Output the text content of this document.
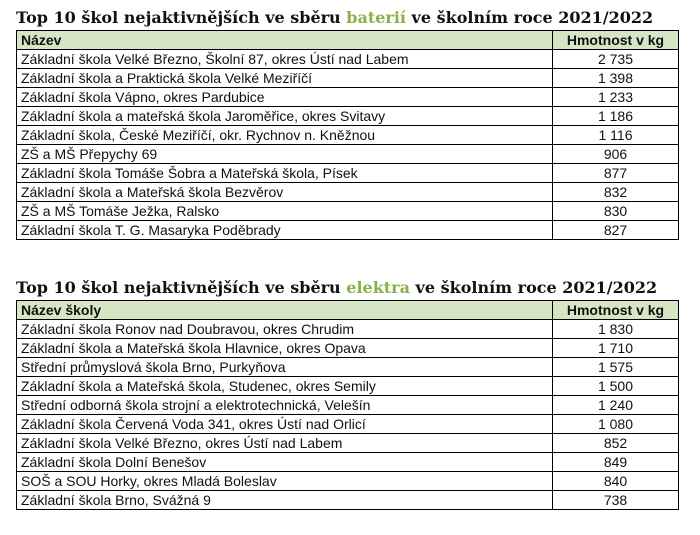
Top 10 škol nejaktivnějších ve sběru baterií ve školním roce 2021/2022
Název	Hmotnost v kg
Základní škola Velké Březno, Školní 87, okres Ústí nad Labem	2 735
Základní škola a Praktická škola Velké Meziříčí	1 398
Základní škola Vápno, okres Pardubice	1 233
Základní škola a mateřská škola Jaroměřice, okres Svitavy	1 186
Základní škola, České Meziříčí, okr. Rychnov n. Kněžnou	1 116
ZŠ a MŠ Přepychy 69	906
Základní škola Tomáše Šobra a Mateřská škola, Písek	877
Základní škola a Mateřská škola Bezvěrov	832
ZŠ a MŠ Tomáše Ježka, Ralsko	830
Základní škola T. G. Masaryka Poděbrady	827
Top 10 škol nejaktivnějších ve sběru elektra ve školním roce 2021/2022
Název školy	Hmotnost v kg
Základní škola Ronov nad Doubravou, okres Chrudim	1 830
Základní škola a Mateřská škola Hlavnice, okres Opava	1 710
Střední průmyslová škola Brno, Purkyňova	1 575
Základní škola a Mateřská škola, Studenec, okres Semily	1 500
Střední odborná škola strojní a elektrotechnická, Velešín	1 240
Základní škola Červená Voda 341, okres Ústí nad Orlicí	1 080
Základní škola Velké Březno, okres Ústí nad Labem	852
Základní škola Dolní Benešov	849
SOŠ a SOU Horky, okres Mladá Boleslav	840
Základní škola Brno, Svážná 9	738
